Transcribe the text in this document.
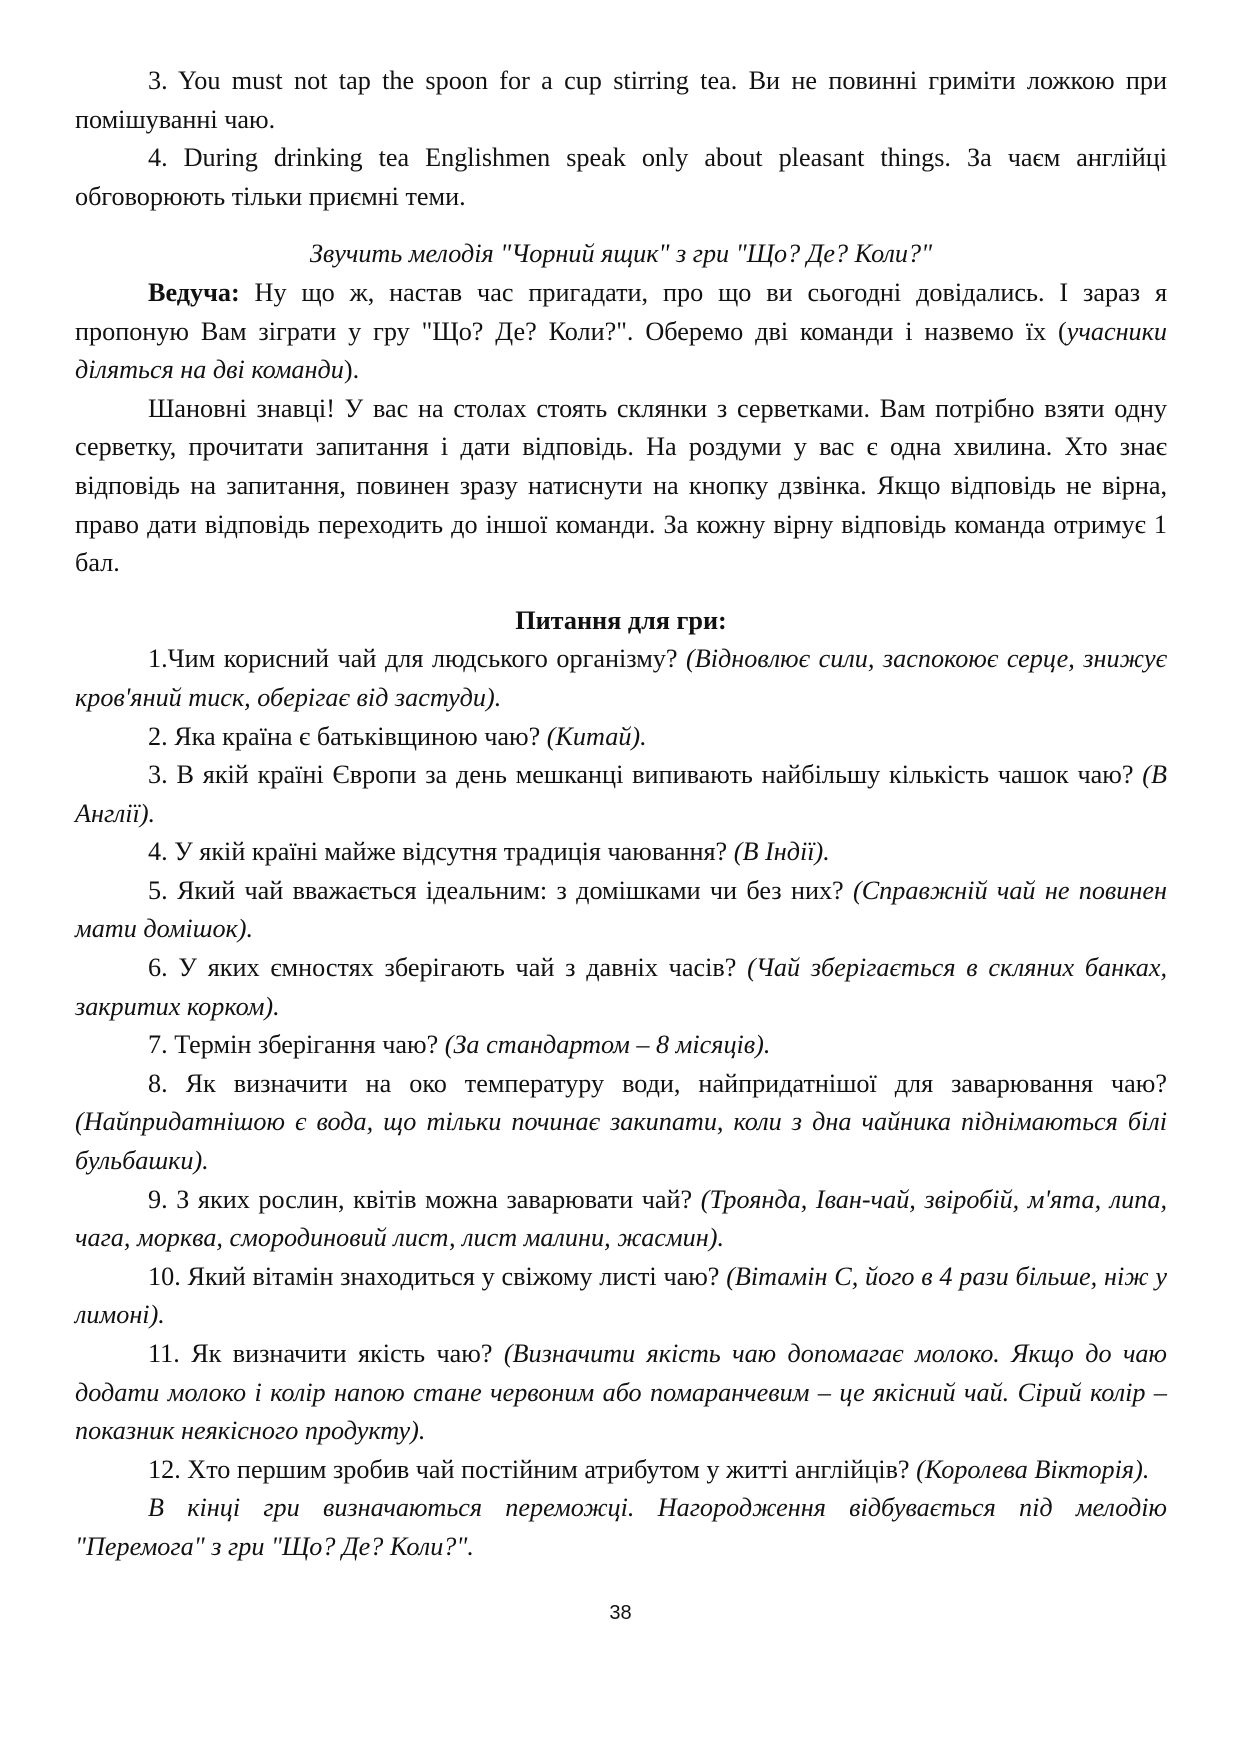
3. You must not tap the spoon for a cup stirring tea. Ви не повинні гриміти ложкою при помішуванні чаю.

4. During drinking tea Englishmen speak only about pleasant things. За чаєм англійці обговорюють тільки приємні теми.

Звучить мелодія "Чорний ящик" з гри "Що? Де? Коли?"

Ведуча: Ну що ж, настав час пригадати, про що ви сьогодні довідались. І зараз я пропоную Вам зіграти у гру "Що? Де? Коли?". Оберемо дві команди і назвемо їх (учасники діляться на дві команди).

Шановні знавці! У вас на столах стоять склянки з серветками. Вам потрібно взяти одну серветку, прочитати запитання і дати відповідь. На роздуми у вас є одна хвилина. Хто знає відповідь на запитання, повинен зразу натиснути на кнопку дзвінка. Якщо відповідь не вірна, право дати відповідь переходить до іншої команди. За кожну вірну відповідь команда отримує 1 бал.

Питання для гри:

1.Чим корисний чай для людського організму? (Відновлює сили, заспокоює серце, знижує кров'яний тиск, оберігає від застуди).

2. Яка країна є батьківщиною чаю? (Китай).

3. В якій країні Європи за день мешканці випивають найбільшу кількість чашок чаю? (В Англії).

4. У якій країні майже відсутня традиція чаювання? (В Індії).

5. Який чай вважається ідеальним: з домішками чи без них? (Справжній чай не повинен мати домішок).

6. У яких ємностях зберігають чай з давніх часів? (Чай зберігається в скляних банках, закритих корком).

7. Термін зберігання чаю? (За стандартом – 8 місяців).

8. Як визначити на око температуру води, найпридатнішої для заварювання чаю? (Найпридатнішою є вода, що тільки починає закипати, коли з дна чайника піднімаються білі бульбашки).

9. З яких рослин, квітів можна заварювати чай? (Троянда, Іван-чай, звіробій, м'ята, липа, чага, морква, смородиновий лист, лист малини, жасмин).

10. Який вітамін знаходиться у свіжому листі чаю? (Вітамін С, його в 4 рази більше, ніж у лимоні).

11. Як визначити якість чаю? (Визначити якість чаю допомагає молоко. Якщо до чаю додати молоко і колір напою стане червоним або помаранчевим – це якісний чай. Сірий колір – показник неякісного продукту).

12. Хто першим зробив чай постійним атрибутом у житті англійців? (Королева Вікторія).

В кінці гри визначаються переможці. Нагородження відбувається під мелодію "Перемога" з гри "Що? Де? Коли?".

38
